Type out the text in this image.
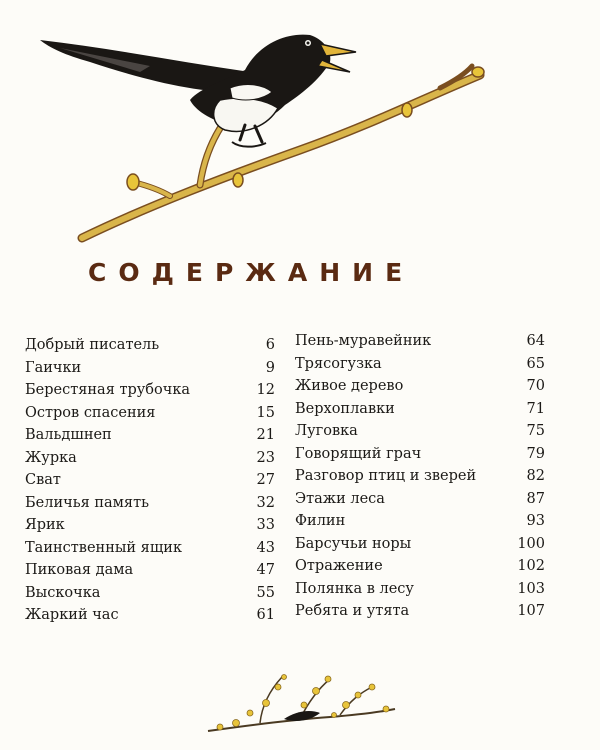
СОДЕРЖАНИЕ
Добрый писатель	6
Гаички	9
Берестяная трубочка	12
Остров спасения	15
Вальдшнеп	21
Журка	23
Сват	27
Беличья память	32
Ярик	33
Таинственный ящик	43
Пиковая дама	47
Выскочка	55
Жаркий час	61
Пень-муравейник	64
Трясогузка	65
Живое дерево	70
Верхоплавки	71
Луговка	75
Говорящий грач	79
Разговор птиц и зверей	82
Этажи леса	87
Филин	93
Барсучьи норы	100
Отражение	102
Полянка в лесу	103
Ребята и утята	107
